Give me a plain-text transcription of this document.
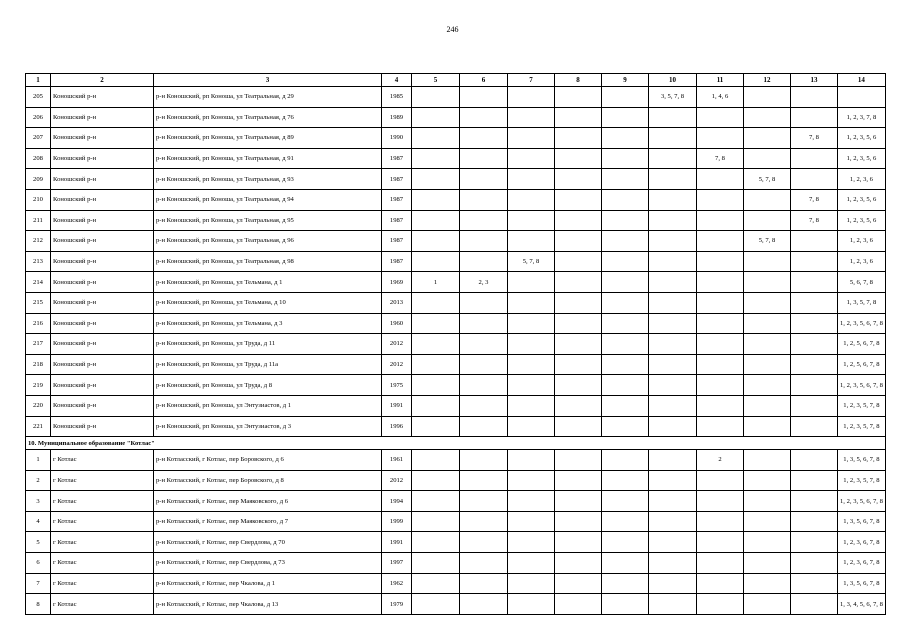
246
1	2	3	4	5	6	7	8	9	10	11	12	13	14
205	Коношский р-н	р-н Коношский, рп Коноша, ул Театральная, д 29	1985						3, 5, 7, 8	1, 4, 6			
206	Коношский р-н	р-н Коношский, рп Коноша, ул Театральная, д 76	1989										1, 2, 3, 7, 8
207	Коношский р-н	р-н Коношский, рп Коноша, ул Театральная, д 89	1990									7, 8	1, 2, 3, 5, 6
208	Коношский р-н	р-н Коношский, рп Коноша, ул Театральная, д 91	1987							7, 8			1, 2, 3, 5, 6
209	Коношский р-н	р-н Коношский, рп Коноша, ул Театральная, д 93	1987								5, 7, 8		1, 2, 3, 6
210	Коношский р-н	р-н Коношский, рп Коноша, ул Театральная, д 94	1987									7, 8	1, 2, 3, 5, 6
211	Коношский р-н	р-н Коношский, рп Коноша, ул Театральная, д 95	1987									7, 8	1, 2, 3, 5, 6
212	Коношский р-н	р-н Коношский, рп Коноша, ул Театральная, д 96	1987								5, 7, 8		1, 2, 3, 6
213	Коношский р-н	р-н Коношский, рп Коноша, ул Театральная, д 98	1987			5, 7, 8							1, 2, 3, 6
214	Коношский р-н	р-н Коношский, рп Коноша, ул Тельмана, д 1	1969	1	2, 3								5, 6, 7, 8
215	Коношский р-н	р-н Коношский, рп Коноша, ул Тельмана, д 10	2013										1, 3, 5, 7, 8
216	Коношский р-н	р-н Коношский, рп Коноша, ул Тельмана, д 3	1960										1, 2, 3, 5, 6, 7, 8
217	Коношский р-н	р-н Коношский, рп Коноша, ул Труда, д 11	2012										1, 2, 5, 6, 7, 8
218	Коношский р-н	р-н Коношский, рп Коноша, ул Труда, д 11а	2012										1, 2, 5, 6, 7, 8
219	Коношский р-н	р-н Коношский, рп Коноша, ул Труда, д 8	1975										1, 2, 3, 5, 6, 7, 8
220	Коношский р-н	р-н Коношский, рп Коноша, ул Энтузиастов, д 1	1991										1, 2, 3, 5, 7, 8
221	Коношский р-н	р-н Коношский, рп Коноша, ул Энтузиастов, д 3	1996										1, 2, 3, 5, 7, 8
10. Муниципальное образование "Котлас"													
1	г Котлас	р-н Котласский, г Котлас, пер Боровского, д 6	1961							2			1, 3, 5, 6, 7, 8
2	г Котлас	р-н Котласский, г Котлас, пер Боровского, д 8	2012										1, 2, 3, 5, 7, 8
3	г Котлас	р-н Котласский, г Котлас, пер Маяковского, д 6	1994										1, 2, 3, 5, 6, 7, 8
4	г Котлас	р-н Котласский, г Котлас, пер Маяковского, д 7	1999										1, 3, 5, 6, 7, 8
5	г Котлас	р-н Котласский, г Котлас, пер Свердлова, д 70	1991										1, 2, 3, 6, 7, 8
6	г Котлас	р-н Котласский, г Котлас, пер Свердлова, д 73	1997										1, 2, 3, 6, 7, 8
7	г Котлас	р-н Котласский, г Котлас, пер Чкалова, д 1	1962										1, 3, 5, 6, 7, 8
8	г Котлас	р-н Котласский, г Котлас, пер Чкалова, д 13	1979										1, 3, 4, 5, 6, 7, 8
